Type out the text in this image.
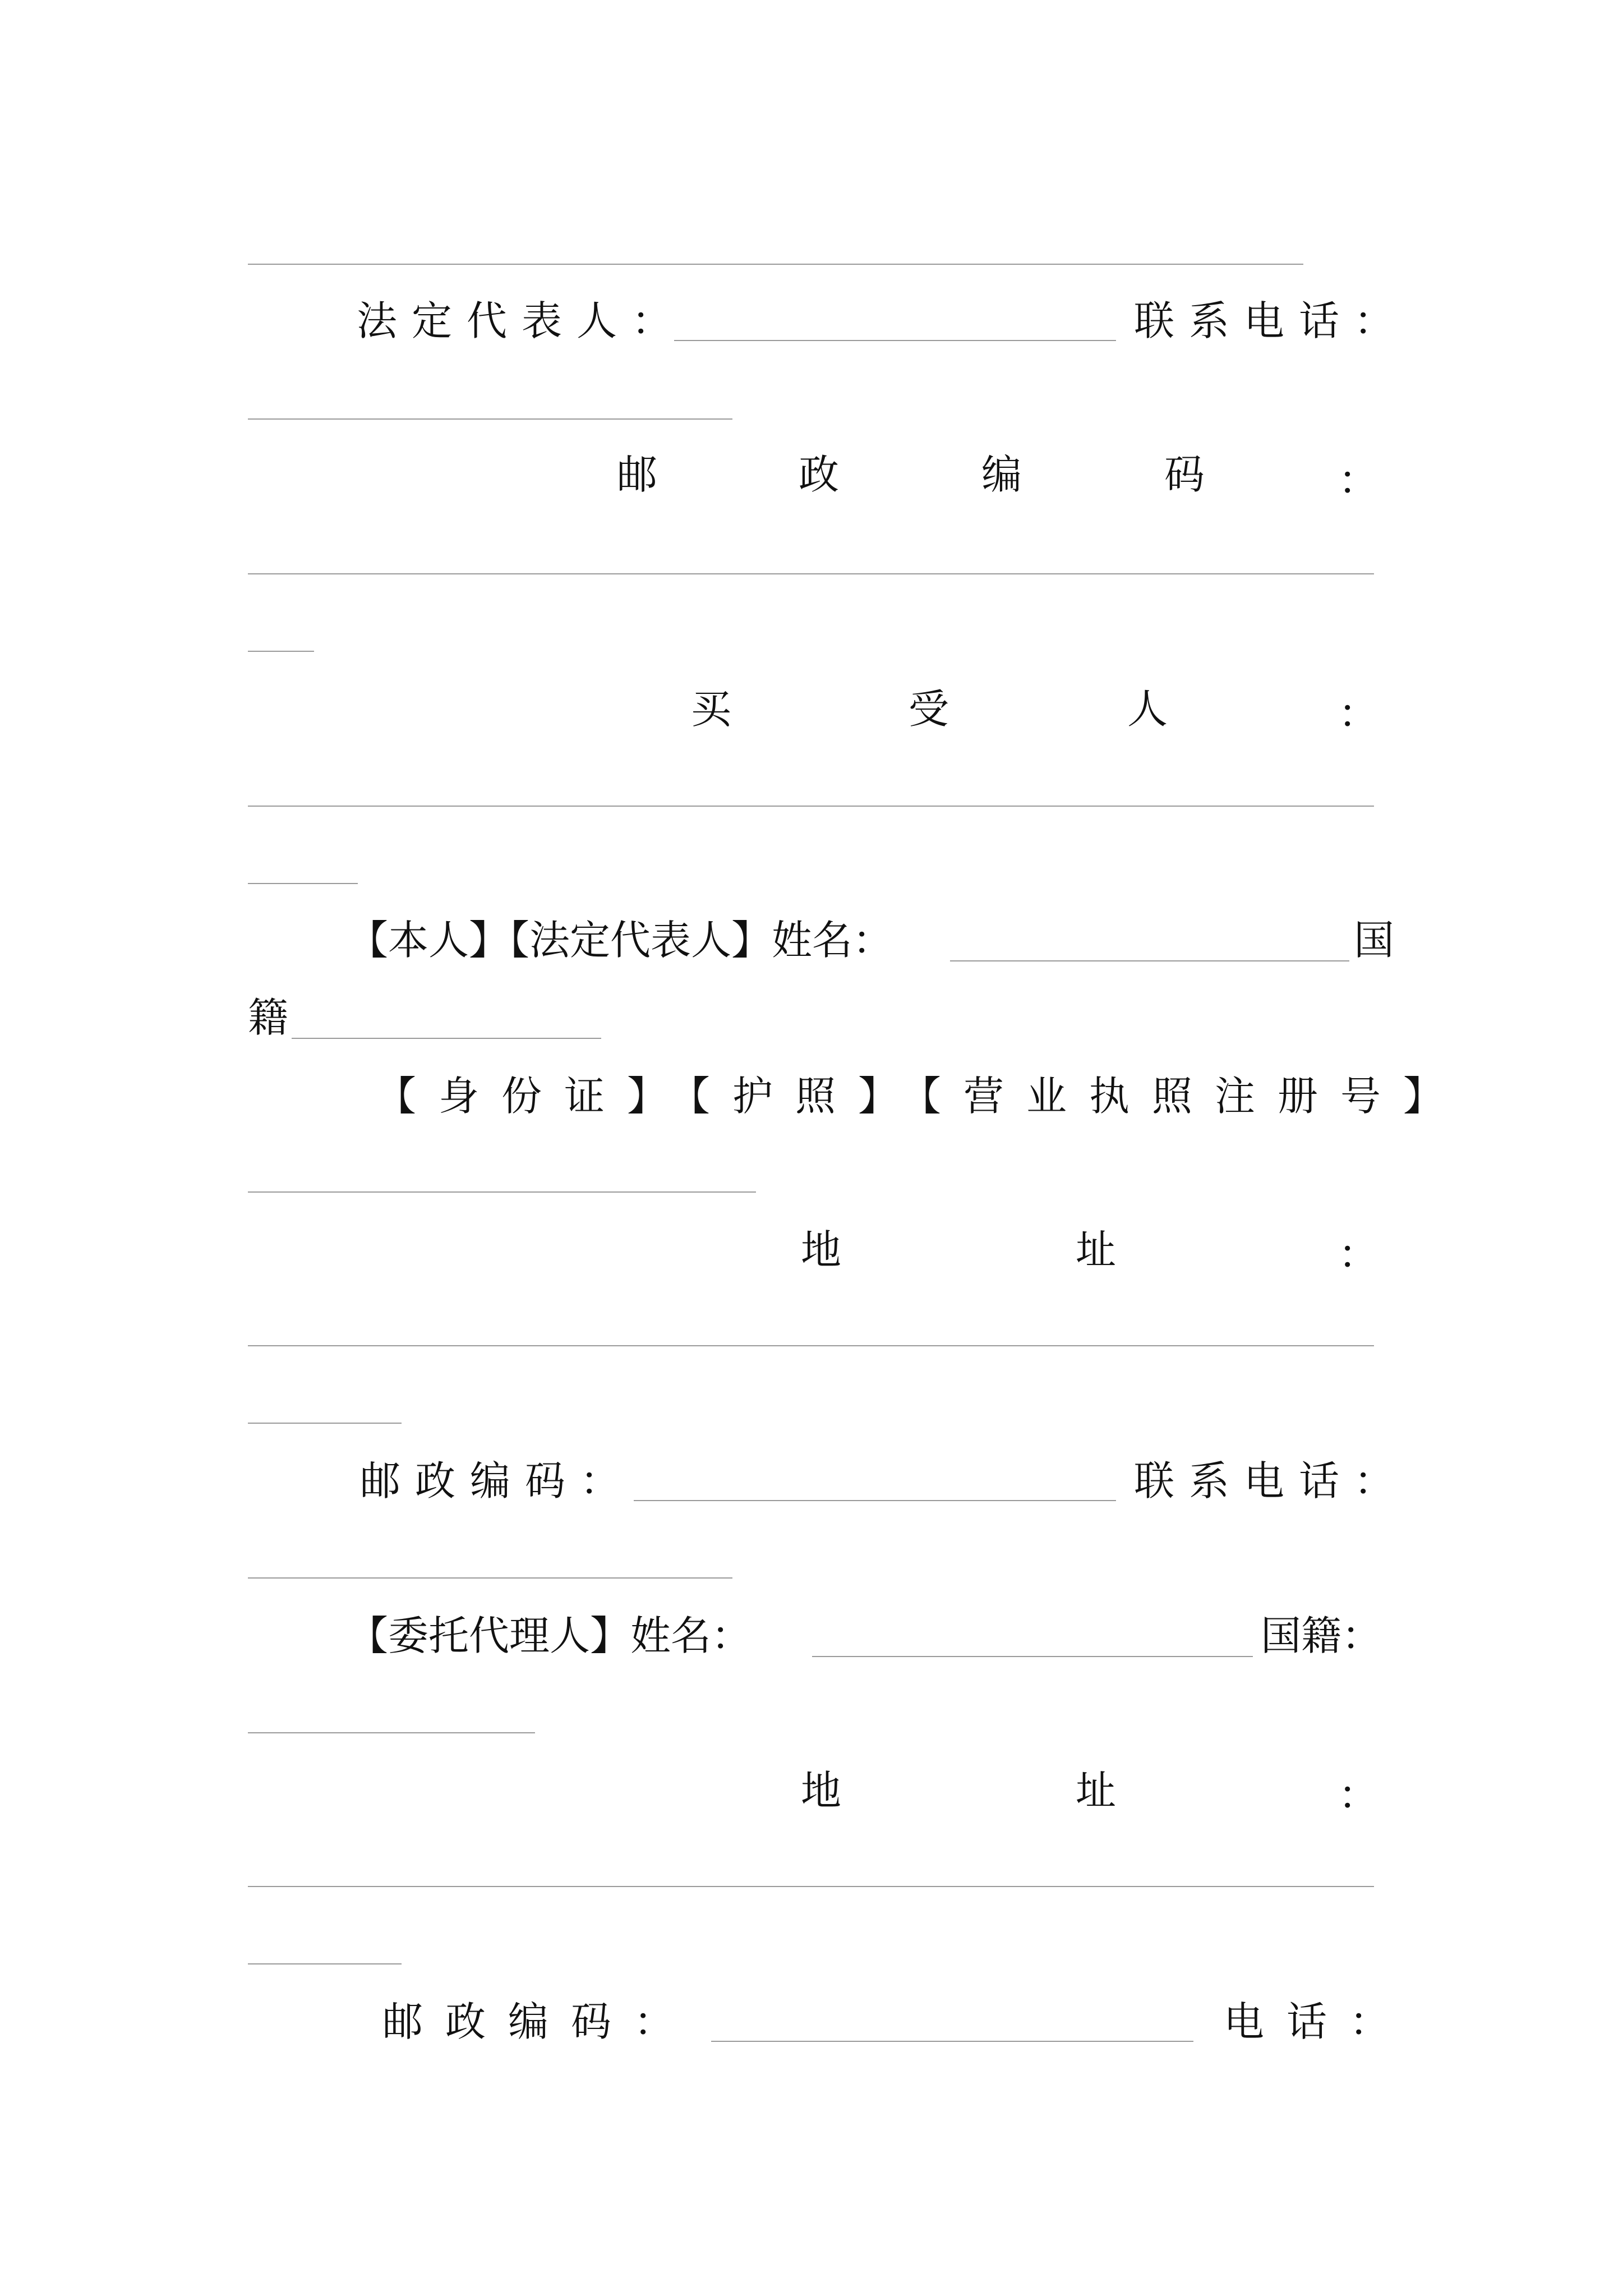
法定代表人：	联系电话：
邮	政	编	码	：
买	受	人	：
【本人】【法定代表人】姓名：	国
籍
【身份证】【护照】【营业执照注册号】
地	址	：
邮政编码：	联系电话：
【委托代理人】姓名：	国籍：
地	址	：
邮政编码：	电话：
